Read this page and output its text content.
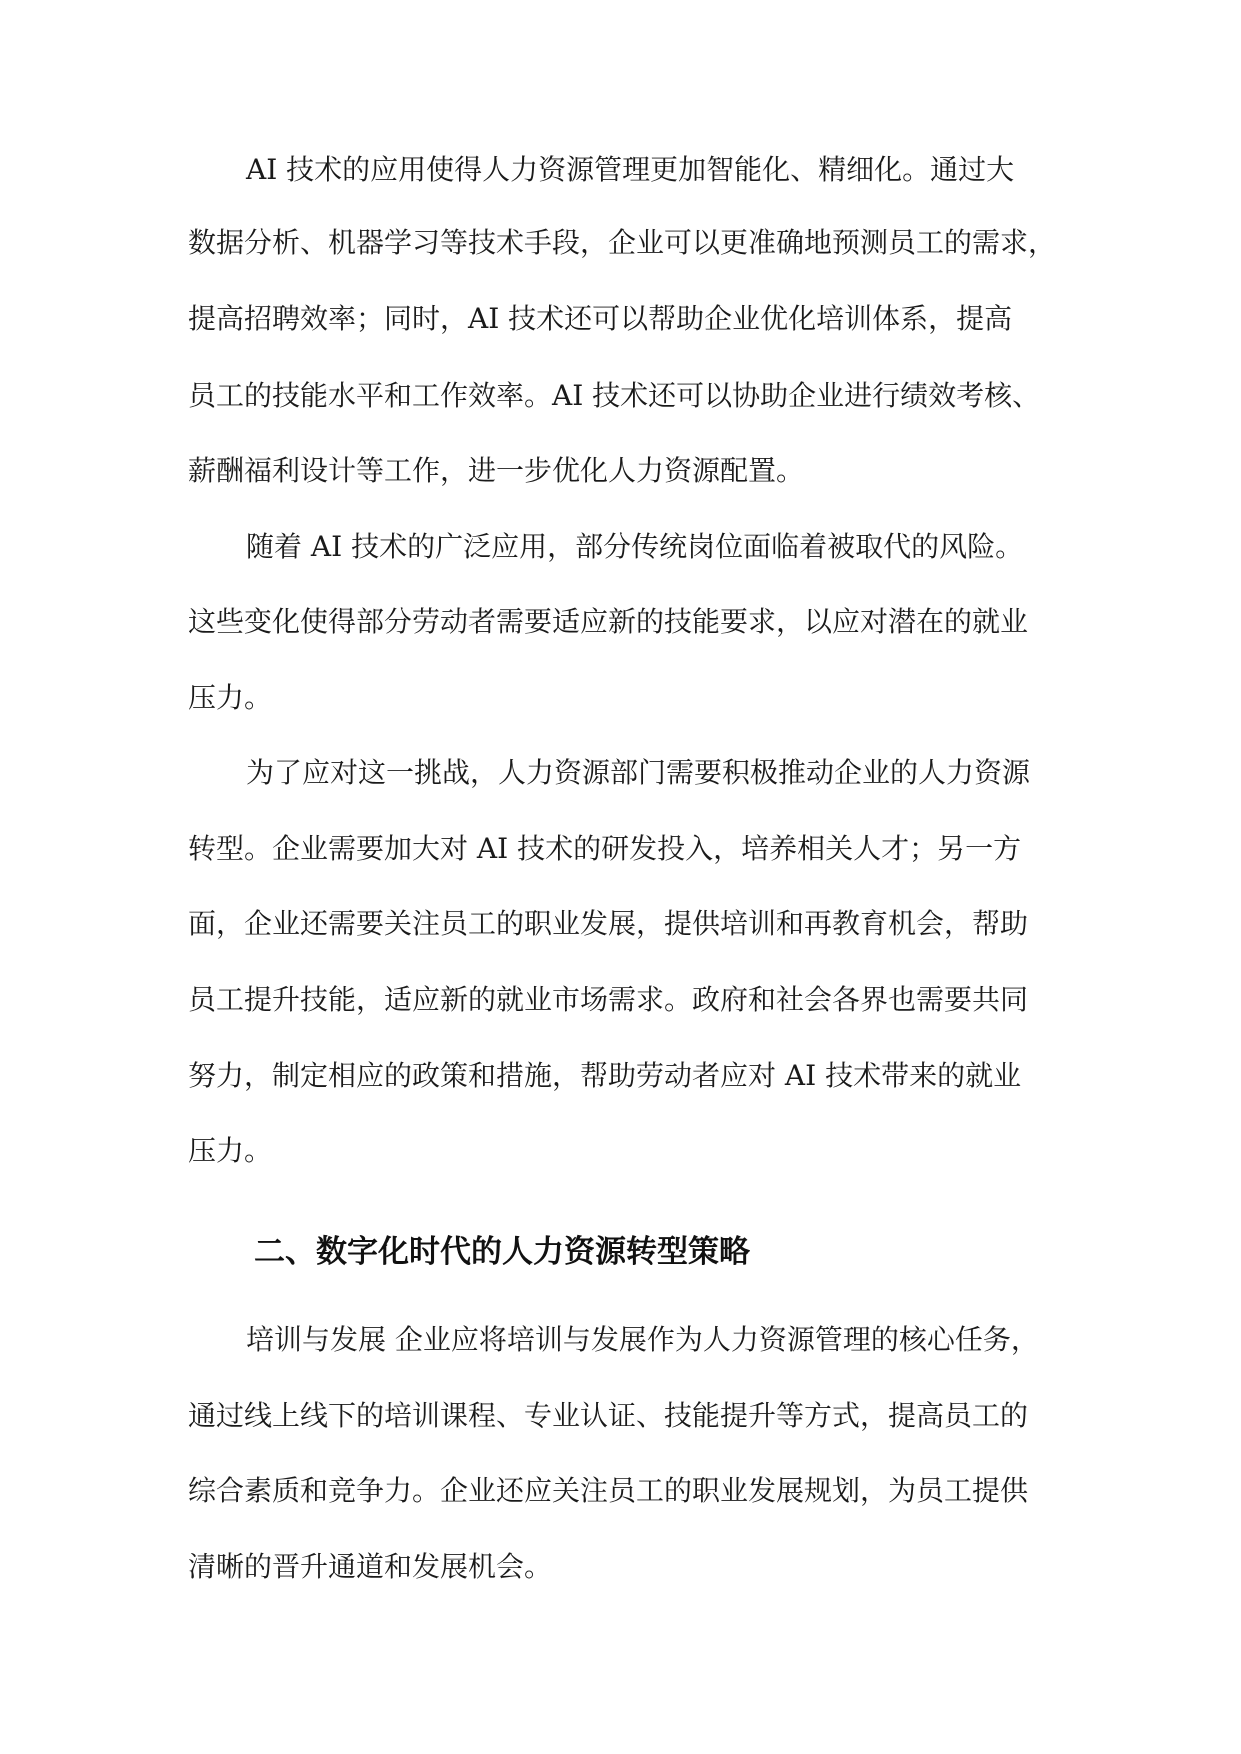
AI 技术的应用使得人力资源管理更加智能化、精细化。通过大
数据分析、机器学习等技术手段，企业可以更准确地预测员工的需求，
提高招聘效率；同时，AI 技术还可以帮助企业优化培训体系，提高
员工的技能水平和工作效率。AI 技术还可以协助企业进行绩效考核、
薪酬福利设计等工作，进一步优化人力资源配置。
随着 AI 技术的广泛应用，部分传统岗位面临着被取代的风险。
这些变化使得部分劳动者需要适应新的技能要求，以应对潜在的就业
压力。
为了应对这一挑战，人力资源部门需要积极推动企业的人力资源
转型。企业需要加大对 AI 技术的研发投入，培养相关人才；另一方
面，企业还需要关注员工的职业发展，提供培训和再教育机会，帮助
员工提升技能，适应新的就业市场需求。政府和社会各界也需要共同
努力，制定相应的政策和措施，帮助劳动者应对 AI 技术带来的就业
压力。
二、数字化时代的人力资源转型策略
培训与发展 企业应将培训与发展作为人力资源管理的核心任务，
通过线上线下的培训课程、专业认证、技能提升等方式，提高员工的
综合素质和竞争力。企业还应关注员工的职业发展规划，为员工提供
清晰的晋升通道和发展机会。
